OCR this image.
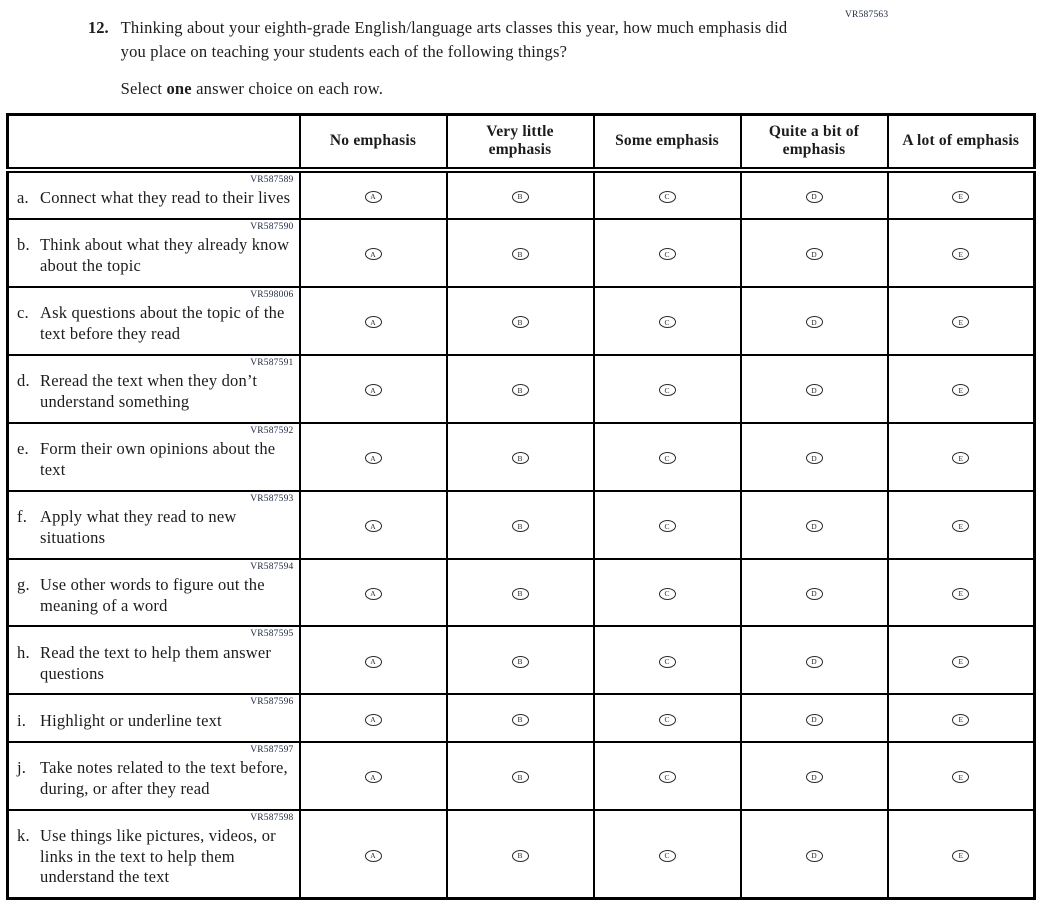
VR587563
12. Thinking about your eighth-grade English/language arts classes this year, how much emphasis did you place on teaching your students each of the following things?

Select one answer choice on each row.

	No emphasis	Very little emphasis	Some emphasis	Quite a bit of emphasis	A lot of emphasis

VR587589
a. Connect what they read to their lives	A	B	C	D	E

VR587590
b. Think about what they already know about the topic	A	B	C	D	E

VR598006
c. Ask questions about the topic of the text before they read	A	B	C	D	E

VR587591
d. Reread the text when they don’t understand something	A	B	C	D	E

VR587592
e. Form their own opinions about the text	A	B	C	D	E

VR587593
f. Apply what they read to new situations	A	B	C	D	E

VR587594
g. Use other words to figure out the meaning of a word	A	B	C	D	E

VR587595
h. Read the text to help them answer questions	A	B	C	D	E

VR587596
i. Highlight or underline text	A	B	C	D	E

VR587597
j. Take notes related to the text before, during, or after they read	A	B	C	D	E

VR587598
k. Use things like pictures, videos, or links in the text to help them understand the text	A	B	C	D	E
